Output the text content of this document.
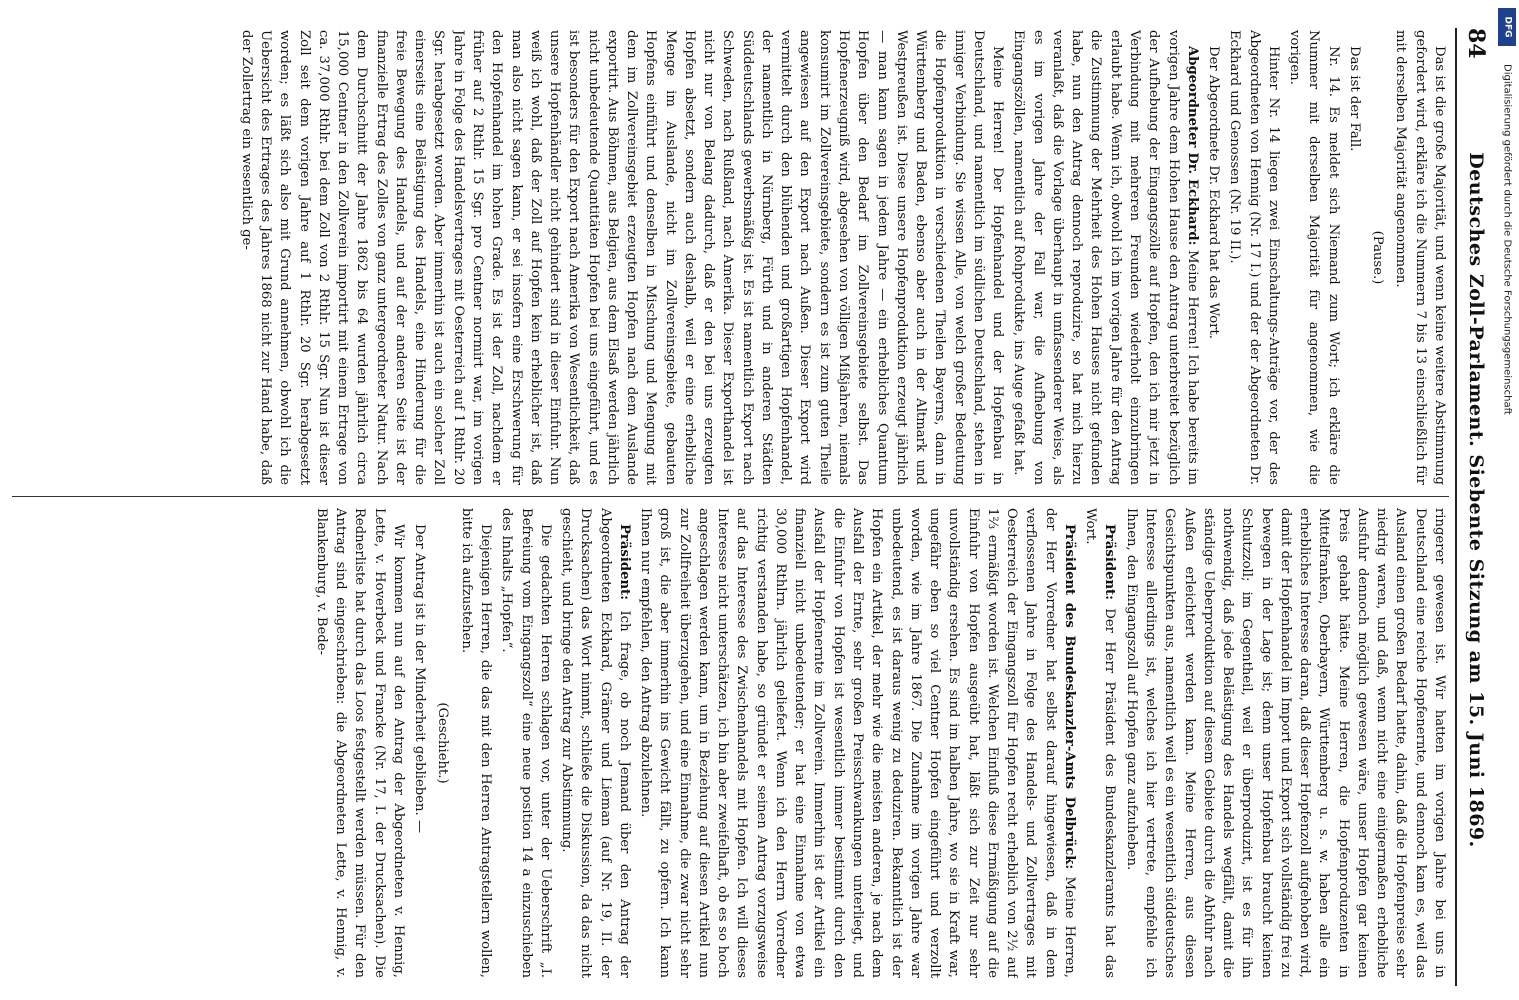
84
Deutsches Zoll-Parlament. Siebente Sitzung am 15. Juni 1869.

Das ist die große Majorität, und wenn keine weitere Abstimmung gefordert wird, erkläre ich die Nummern 7 bis 13 einschließlich für mit derselben Majorität angenommen.

(Pause.)

Das ist der Fall.

Nr. 14. Es meldet sich Niemand zum Wort; ich erkläre die Nummer mit derselben Majorität für angenommen, wie die vorigen.

Hinter Nr. 14 liegen zwei Einschaltungs-Anträge vor, der des Abgeordneten von Hennig (Nr. 17 I.) und der der Abgeordneten Dr. Eckhard und Genossen (Nr. 19 II.).

Der Abgeordnete Dr. Eckhard hat das Wort.

Abgeordneter Dr. Eckhard: Meine Herren! Ich habe bereits im vorigen Jahre dem Hohen Hause den Antrag unterbreitet bezüglich der Aufhebung der Eingangszölle auf Hopfen, den ich mir jetzt in Verbindung mit mehreren Freunden wiederholt einzubringen erlaubt habe. Wenn ich, obwohl ich im vorigen Jahre für den Antrag die Zustimmung der Mehrheit des Hohen Hauses nicht gefunden habe, nun den Antrag dennoch reproduzire, so hat mich hierzu veranlaßt, daß die Vorlage überhaupt in umfassenderer Weise, als es im vorigen Jahre der Fall war, die Aufhebung von Eingangszöllen, namentlich auf Rohprodukte, ins Auge gefaßt hat.

Meine Herren! Der Hopfenhandel und der Hopfenbau in Deutschland, und namentlich im südlichen Deutschland, stehen in inniger Verbindung. Sie wissen Alle, von welch großer Bedeutung die Hopfenproduktion in verschiedenen Theilen Bayerns, dann in Württemberg und Baden, ebenso aber auch in der Altmark und Westpreußen ist. Diese unsere Hopfenproduktion erzeugt jährlich — man kann sagen in jedem Jahre — ein erhebliches Quantum Hopfen über den Bedarf im Zollvereinsgebiete selbst. Das Hopfenerzeugniß wird, abgesehen von völligen Mißjahren, niemals konsumirt im Zollvereinsgebiete, sondern es ist zum guten Theile angewiesen auf den Export nach Außen. Dieser Export wird vermittelt durch den blühenden und großartigen Hopfenhandel, der namentlich in Nürnberg, Fürth und in anderen Städten Süddeutschlands gewerbsmäßig ist. Es ist namentlich Export nach Schweden, nach Rußland, nach Amerika. Dieser Exporthandel ist nicht nur von Belang dadurch, daß er den bei uns erzeugten Hopfen absetzt, sondern auch deshalb, weil er eine erhebliche Menge im Auslande, nicht im Zollvereinsgebiete, gebauten Hopfens einführt und denselben in Mischung und Mengung mit dem im Zollvereinsgebiet erzeugten Hopfen nach dem Auslande exportirt. Aus Böhmen, aus Belgien, aus dem Elsaß werden jährlich nicht unbedeutende Quantitäten Hopfen bei uns eingeführt, und es ist besonders für den Export nach Amerika von Wesentlichkeit, daß unsere Hopfenhändler nicht gehindert sind in dieser Einfuhr. Nun weiß ich wohl, daß der Zoll auf Hopfen kein erheblicher ist, daß man also nicht sagen kann, er sei insofern eine Erschwerung für den Hopfenhandel im hohen Grade. Es ist der Zoll, nachdem er früher auf 2 Rthlr. 15 Sgr. pro Centner normirt war, im vorigen Jahre in Folge des Handelsvertrages mit Oesterreich auf 1 Rthlr. 20 Sgr. herabgesetzt worden. Aber immerhin ist auch ein solcher Zoll einerseits eine Belästigung des Handels, eine Hinderung für die freie Bewegung des Handels, und auf der anderen Seite ist der finanzielle Ertrag des Zolles von ganz untergeordneter Natur. Nach dem Durchschnitt der Jahre 1862 bis 64 wurden jährlich circa 15,000 Centner in den Zollverein importirt mit einem Ertrage von ca. 37,000 Rthlr. bei dem Zoll von 2 Rthlr. 15 Sgr. Nun ist dieser Zoll seit dem vorigen Jahre auf 1 Rthlr. 20 Sgr. herabgesetzt worden; es läßt sich also mit Grund annehmen, obwohl ich die Uebersicht des Ertrages des Jahres 1868 nicht zur Hand habe, daß der Zollertrag ein wesentlich ge-

ringerer gewesen ist. Wir hatten im vorigen Jahre bei uns in Deutschland eine reiche Hopfenernte, und dennoch kam es, weil das Ausland einen großen Bedarf hatte, dahin, daß die Hopfenpreise sehr niedrig waren, und daß, wenn nicht eine einigermaßen erhebliche Ausfuhr dennoch möglich gewesen wäre, unser Hopfen gar keinen Preis gehabt hätte. Meine Herren, die Hopfenproduzenten in Mittelfranken, Oberbayern, Württemberg u. s. w. haben alle ein erhebliches Interesse daran, daß dieser Hopfenzoll aufgehoben wird, damit der Hopfenhandel im Import und Export sich vollständig frei zu bewegen in der Lage ist; denn unser Hopfenbau braucht keinen Schutzzoll; im Gegentheil, weil er überproduzirt, ist es für ihn nothwendig, daß jede Belästigung des Handels wegfällt, damit die ständige Ueberproduktion auf diesem Gebiete durch die Abfuhr nach Außen erleichtert werden kann. Meine Herren, aus diesen Gesichtspunkten aus, namentlich weil es ein wesentlich süddeutsches Interesse allerdings ist, welches ich hier vertrete, empfehle ich Ihnen, den Eingangszoll auf Hopfen ganz aufzuheben.

Präsident: Der Herr Präsident des Bundeskanzleramts hat das Wort.

Präsident des Bundeskanzler-Amts Delbrück: Meine Herren, der Herr Vorredner hat selbst darauf hingewiesen, daß in dem verflossenen Jahre in Folge des Handels- und Zollvertrages mit Oesterreich der Eingangszoll für Hopfen recht erheblich von 2½ auf 1⅔ ermäßigt worden ist. Welchen Einfluß diese Ermäßigung auf die Einfuhr von Hopfen ausgeübt hat, läßt sich zur Zeit nur sehr unvollständig ersehen. Es sind im halben Jahre, wo sie in Kraft war, ungefähr eben so viel Centner Hopfen eingeführt und verzollt worden, wie im Jahre 1867. Die Zunahme im vorigen Jahre war unbedeutend, es ist daraus wenig zu deduziren. Bekanntlich ist der Hopfen ein Artikel, der mehr wie die meisten anderen, je nach dem Ausfall der Ernte, sehr großen Preisschwankungen unterliegt, und die Einfuhr von Hopfen ist wesentlich immer bestimmt durch den Ausfall der Hopfenernte im Zollverein. Immerhin ist der Artikel ein finanziell nicht unbedeutender; er hat eine Einnahme von etwa 30,000 Rthlrn. jährlich geliefert. Wenn ich den Herrn Vorredner richtig verstanden habe, so gründet er seinen Antrag vorzugsweise auf das Interesse des Zwischenhandels mit Hopfen. Ich will dieses Interesse nicht unterschätzen, ich bin aber zweifelhaft, ob es so hoch angeschlagen werden kann, um in Beziehung auf diesen Artikel nun zur Zollfreiheit überzugehen, und eine Einnahme, die zwar nicht sehr groß ist, die aber immerhin ins Gewicht fällt, zu opfern. Ich kann Ihnen nur empfehlen, den Antrag abzulehnen.

Präsident: Ich frage, ob noch Jemand über den Antrag der Abgeordneten Eckhard, Grämer und Lieman (auf Nr. 19, II. der Drucksachen) das Wort nimmt, schließe die Diskussion, da das nicht geschieht, und bringe den Antrag zur Abstimmung.

Die gedachten Herren schlagen vor, unter der Ueberschrift „I. Befreiung vom Eingangszoll“ eine neue position 14 a einzuschieben des Inhalts „Hopfen“.

Diejenigen Herren, die das mit den Herren Antragstellern wollen, bitte ich aufzustehen.

(Geschieht.)

Der Antrag ist in der Minderheit geblieben. —

Wir kommen nun auf den Antrag der Abgeordneten v. Hennig, Lette, v. Hoverbeck und Francke (Nr. 17, I. der Drucksachen). Die Rednerliste hat durch das Loos festgestellt werden müssen. Für den Antrag sind eingeschrieben: die Abgeordneten Lette, v. Hennig, v. Blankenburg, v. Bede-

DFG
Digitalisierung gefördert durch die Deutsche Forschungsgemeinschaft
